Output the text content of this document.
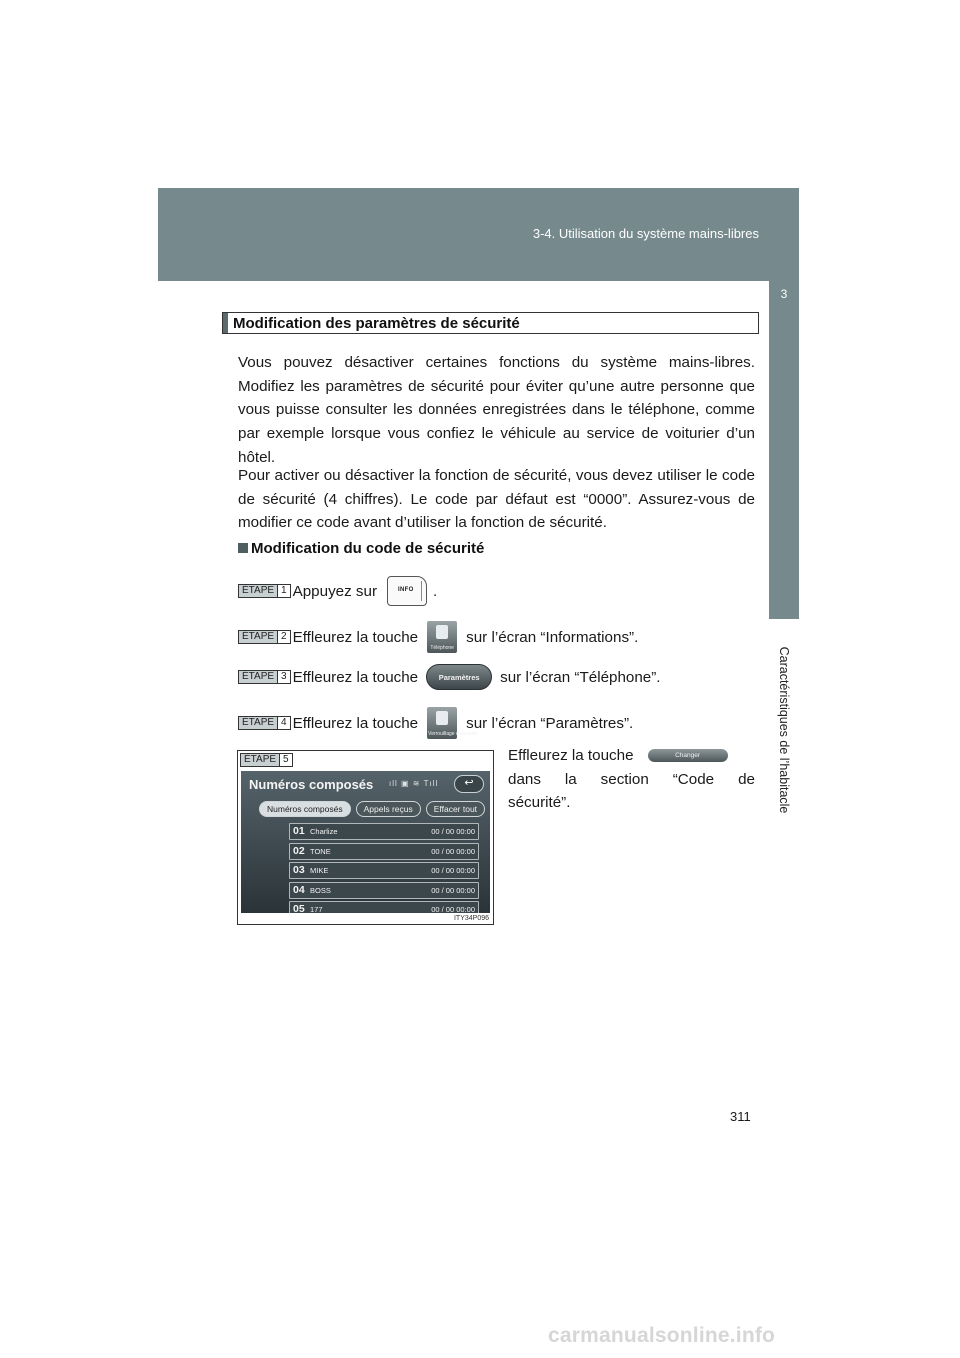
3-4. Utilisation du système mains-libres
3
Caractéristiques de l’habitacle
Modification des paramètres de sécurité

Vous pouvez désactiver certaines fonctions du système mains-libres. Modifiez les paramètres de sécurité pour éviter qu’une autre personne que vous puisse consulter les données enregistrées dans le téléphone, comme par exemple lorsque vous confiez le véhicule au service de voiturier d’un hôtel.

Pour activer ou désactiver la fonction de sécurité, vous devez utiliser le code de sécurité (4 chiffres). Le code par défaut est “0000”. Assurez-vous de modifier ce code avant d’utiliser la fonction de sécurité.

Modification du code de sécurité
ÉTAPE 1 Appuyez sur	INFO .
ÉTAPE 2 Effleurez la touche
Téléphone
sur l’écran “Informations”.
ÉTAPE 3 Effleurez la touche	Paramètres sur l’écran “Téléphone”.
ÉTAPE 4 Effleurez la touche
Verrouillage d’sécurité
sur l’écran “Paramètres”.
ÉTAPE 5
Numéros composés ıll ▣ ≋ Tıll	↩
Numéros composés	Appels reçus	Effacer tout
01 Charlize	00 / 00 00:00
02 TONE	00 / 00 00:00
03 MIKE	00 / 00 00:00
04 BOSS	00 / 00 00:00
05 177	00 / 00 00:00
ITY34P096
Effleurez la touche	Changer
dans la section “Code de
sécurité”.
311
carmanualsonline.info
